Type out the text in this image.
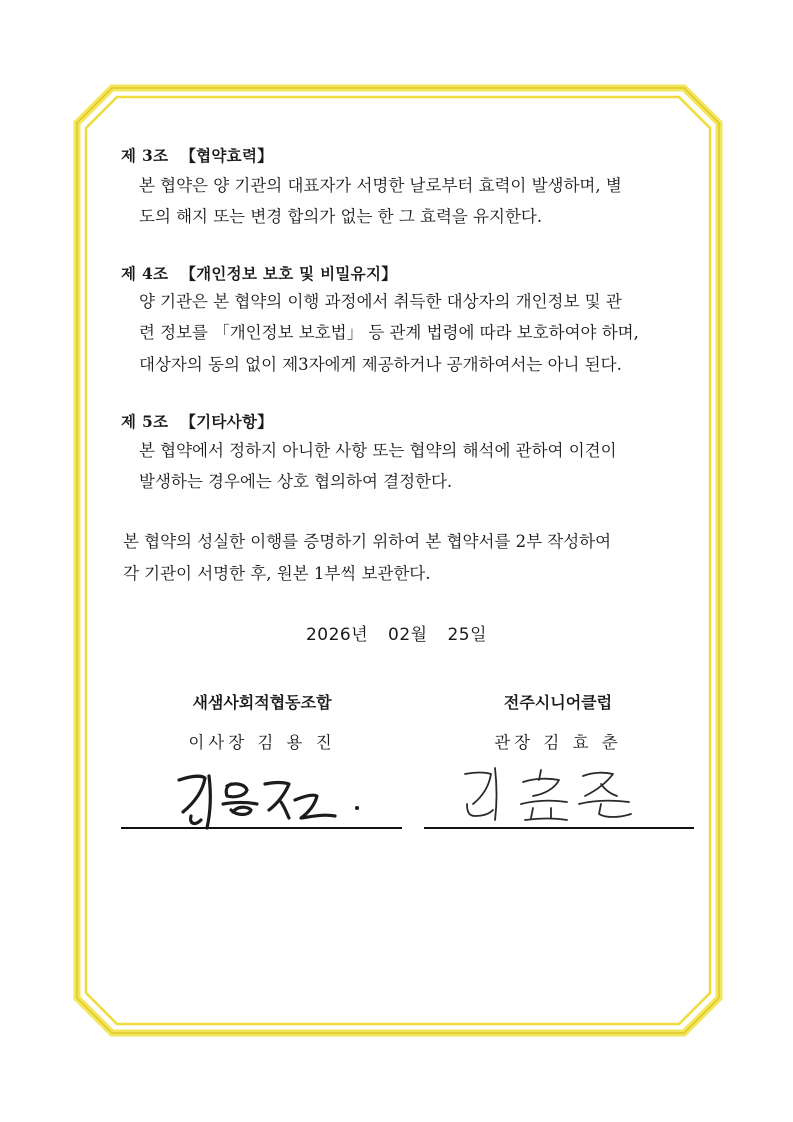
제 3조 【협약효력】
본 협약은 양 기관의 대표자가 서명한 날로부터 효력이 발생하며, 별
도의 해지 또는 변경 합의가 없는 한 그 효력을 유지한다.
제 4조 【개인정보 보호 및 비밀유지】
양 기관은 본 협약의 이행 과정에서 취득한 대상자의 개인정보 및 관
련 정보를 「개인정보 보호법」 등 관계 법령에 따라 보호하여야 하며,
대상자의 동의 없이 제3자에게 제공하거나 공개하여서는 아니 된다.
제 5조 【기타사항】
본 협약에서 정하지 아니한 사항 또는 협약의 해석에 관하여 이견이
발생하는 경우에는 상호 협의하여 결정한다.
본 협약의 성실한 이행를 증명하기 위하여 본 협약서를 2부 작성하여
각 기관이 서명한 후, 원본 1부씩 보관한다.
2026년 02월 25일
새샘사회적협동조합
이사장 김 용 진
전주시니어클럽
관장 김 효 춘
